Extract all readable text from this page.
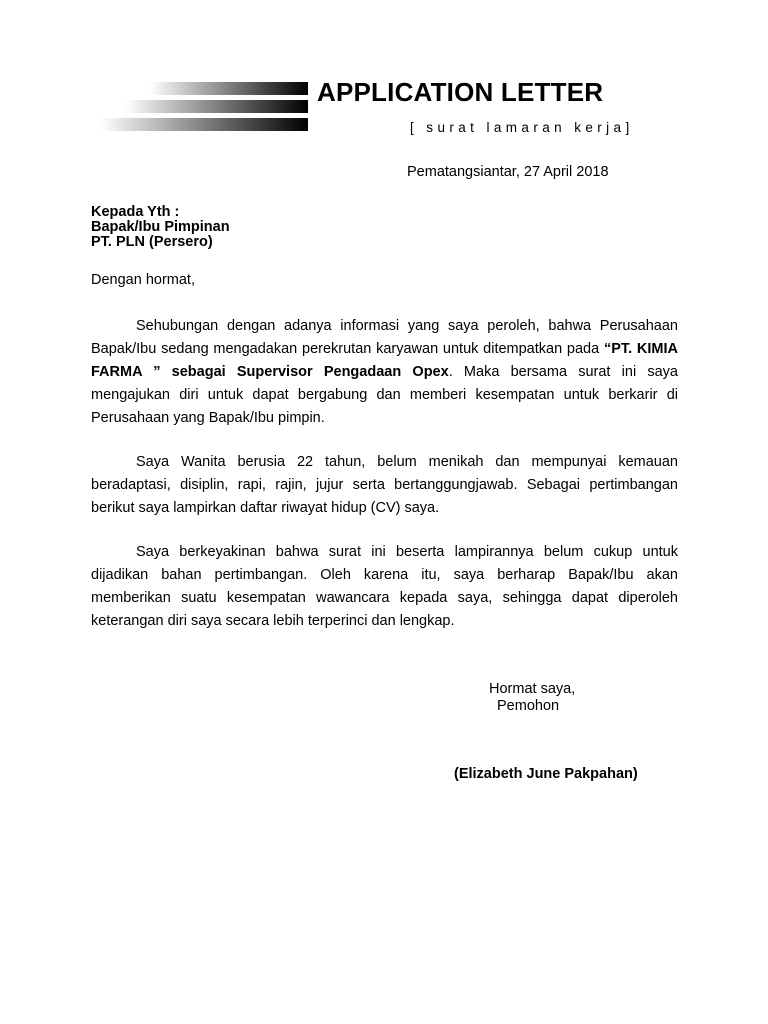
APPLICATION LETTER
[ surat lamaran kerja]
Pematangsiantar, 27 April 2018
Kepada Yth :
Bapak/Ibu Pimpinan
PT. PLN (Persero)
Dengan hormat,

Sehubungan dengan adanya informasi yang saya peroleh, bahwa Perusahaan Bapak/Ibu sedang mengadakan perekrutan karyawan untuk ditempatkan pada “PT. KIMIA FARMA ” sebagai Supervisor Pengadaan Opex. Maka bersama surat ini saya mengajukan diri untuk dapat bergabung dan memberi kesempatan untuk berkarir di Perusahaan yang Bapak/Ibu pimpin.

Saya Wanita berusia 22 tahun, belum menikah dan mempunyai kemauan beradaptasi, disiplin, rapi, rajin, jujur serta bertanggungjawab. Sebagai pertimbangan berikut saya lampirkan daftar riwayat hidup (CV) saya.

Saya berkeyakinan bahwa surat ini beserta lampirannya belum cukup untuk dijadikan bahan pertimbangan. Oleh karena itu, saya berharap Bapak/Ibu akan memberikan suatu kesempatan wawancara kepada saya, sehingga dapat diperoleh keterangan diri saya secara lebih terperinci dan lengkap.

Hormat saya,
Pemohon
(Elizabeth June Pakpahan)
